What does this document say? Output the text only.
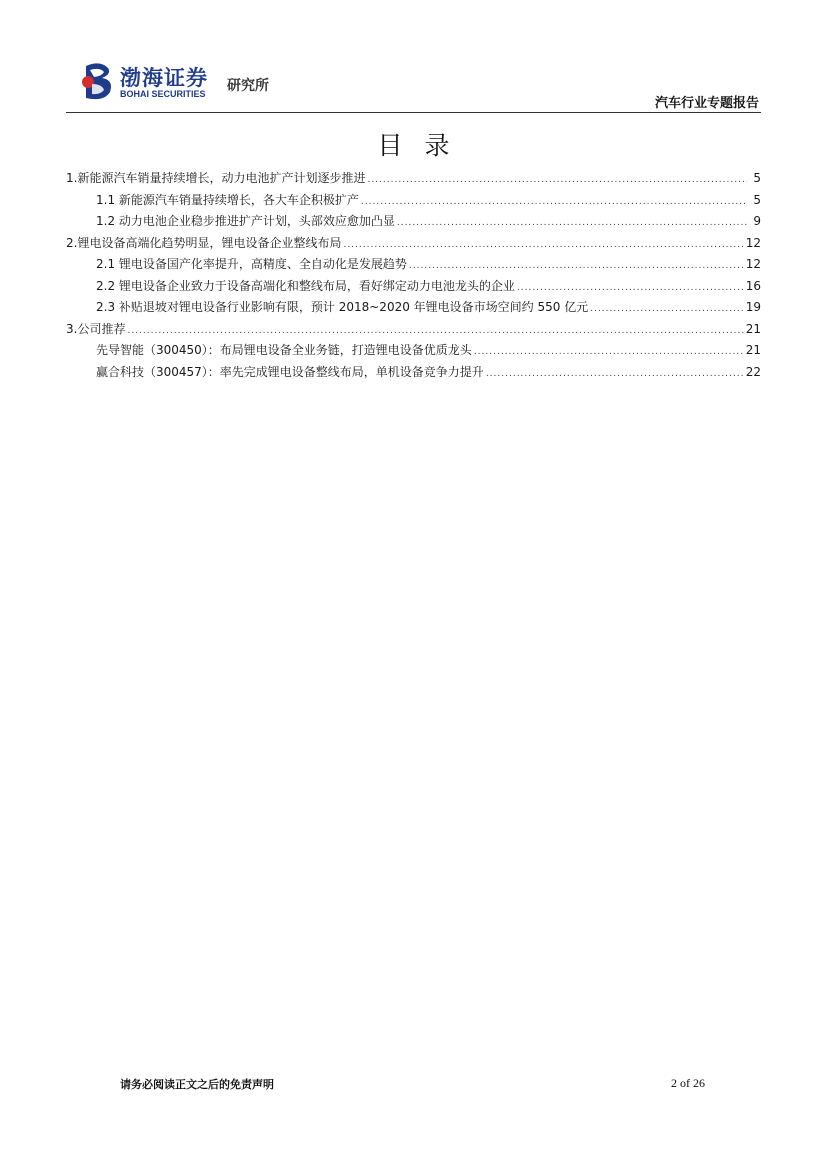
渤海证券
BOHAI SECURITIES 研究所
汽车行业专题报告
目录
1.新能源汽车销量持续增长，动力电池扩产计划逐步推进 .....	5
1.1 新能源汽车销量持续增长，各大车企积极扩产 .....	5
1.2 动力电池企业稳步推进扩产计划，头部效应愈加凸显 .....	9
2.锂电设备高端化趋势明显，锂电设备企业整线布局 .....	12
2.1 锂电设备国产化率提升，高精度、全自动化是发展趋势 .....	12
2.2 锂电设备企业致力于设备高端化和整线布局，看好绑定动力电池龙头的企业 .....	16
2.3 补贴退坡对锂电设备行业影响有限，预计 2018~2020 年锂电设备市场空间约 550 亿元 .....	19
3.公司推荐 .....	21
先导智能（300450）：布局锂电设备全业务链，打造锂电设备优质龙头 .....	21
赢合科技（300457）：率先完成锂电设备整线布局，单机设备竞争力提升 .....	22
请务必阅读正文之后的免责声明	2 of 26
